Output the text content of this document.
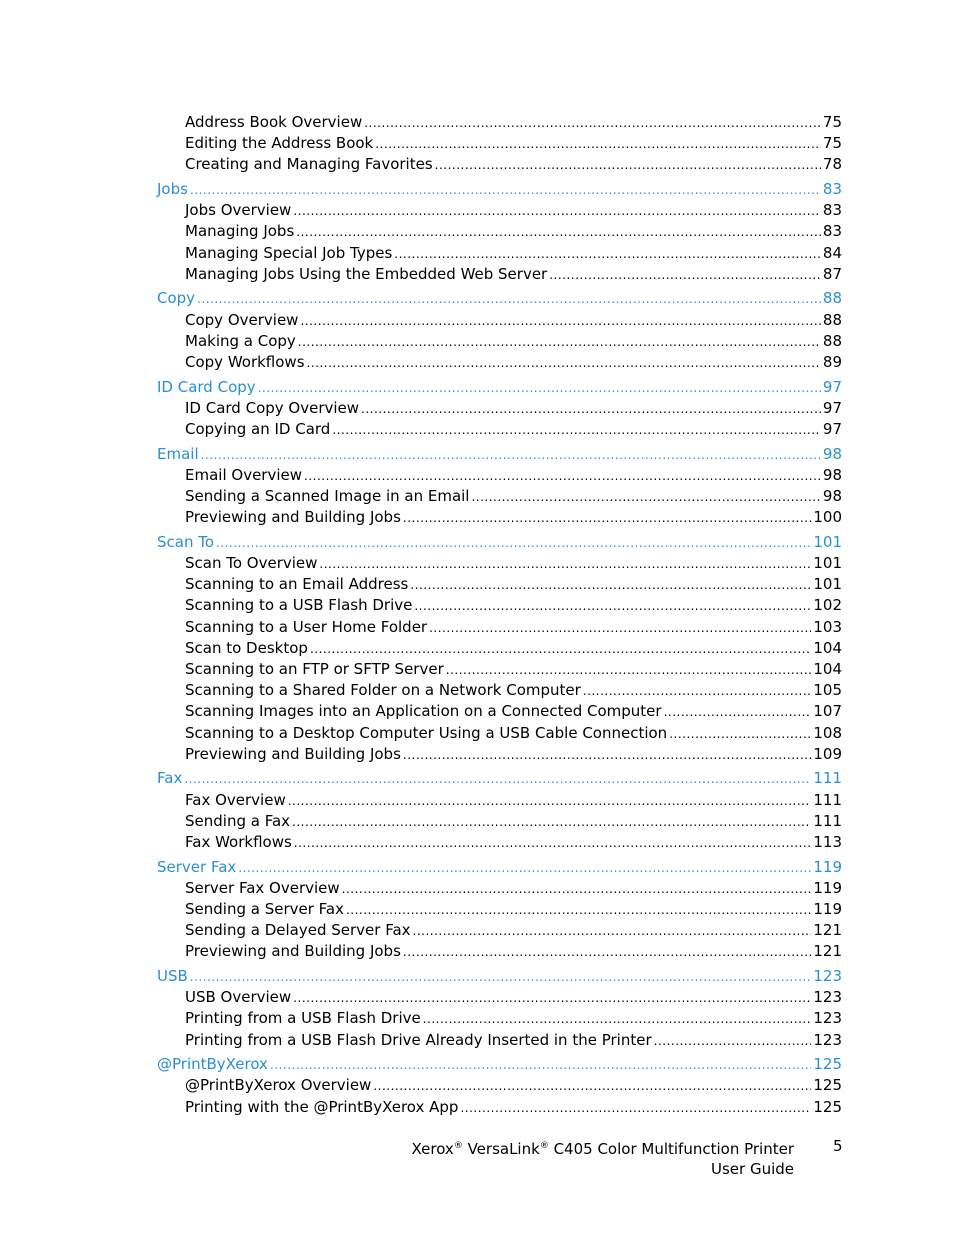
Address Book Overview .....	75
Editing the Address Book .....	75
Creating and Managing Favorites .....	78
Jobs .....	83
Jobs Overview .....	83
Managing Jobs .....	83
Managing Special Job Types .....	84
Managing Jobs Using the Embedded Web Server .....	87
Copy .....	88
Copy Overview .....	88
Making a Copy .....	88
Copy Workflows .....	89
ID Card Copy .....	97
ID Card Copy Overview .....	97
Copying an ID Card .....	97
Email .....	98
Email Overview .....	98
Sending a Scanned Image in an Email .....	98
Previewing and Building Jobs .....	100
Scan To .....	101
Scan To Overview .....	101
Scanning to an Email Address .....	101
Scanning to a USB Flash Drive .....	102
Scanning to a User Home Folder .....	103
Scan to Desktop .....	104
Scanning to an FTP or SFTP Server .....	104
Scanning to a Shared Folder on a Network Computer .....	105
Scanning Images into an Application on a Connected Computer .....	107
Scanning to a Desktop Computer Using a USB Cable Connection .....	108
Previewing and Building Jobs .....	109
Fax .....	111
Fax Overview .....	111
Sending a Fax .....	111
Fax Workflows .....	113
Server Fax .....	119
Server Fax Overview .....	119
Sending a Server Fax .....	119
Sending a Delayed Server Fax .....	121
Previewing and Building Jobs .....	121
USB .....	123
USB Overview .....	123
Printing from a USB Flash Drive .....	123
Printing from a USB Flash Drive Already Inserted in the Printer .....	123
@PrintByXerox .....	125
@PrintByXerox Overview .....	125
Printing with the @PrintByXerox App .....	125
Xerox® VersaLink® C405 Color Multifunction Printer
User Guide
5
